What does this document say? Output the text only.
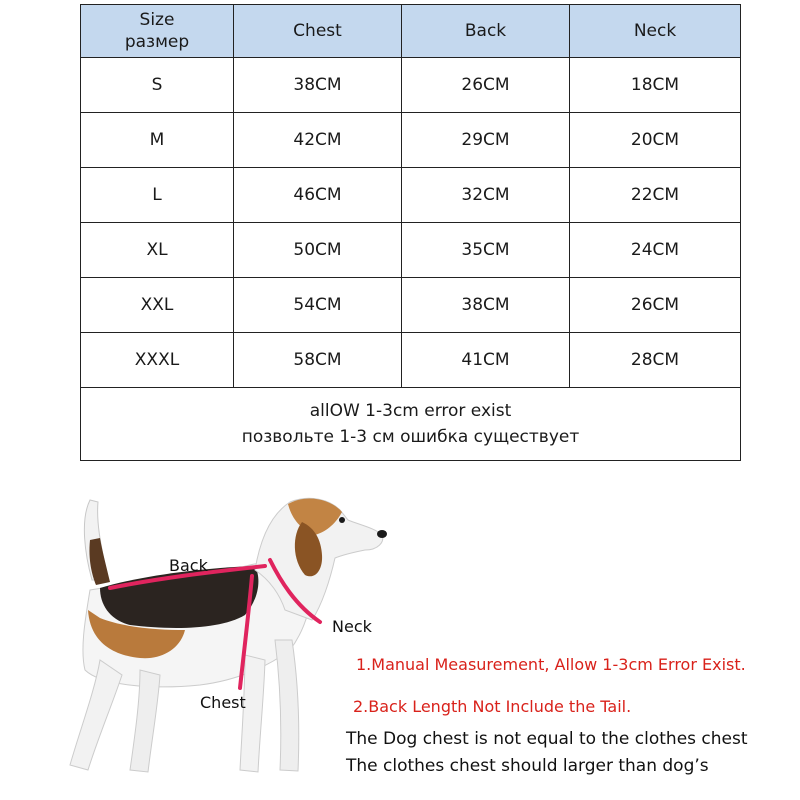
Size
размер	Chest	Back	Neck
S	38CM	26CM	18CM
M	42CM	29CM	20CM
L	46CM	32CM	22CM
XL	50CM	35CM	24CM
XXL	54CM	38CM	26CM
XXXL	58CM	41CM	28CM

allOW 1-3cm error exist
позвольте 1-3 см ошибка существует			
Back
Neck
Chest
1.Manual Measurement, Allow 1-3cm Error Exist.
2.Back Length Not Include the Tail.
The Dog chest is not equal to the clothes chest
The clothes chest should larger than dog’s
